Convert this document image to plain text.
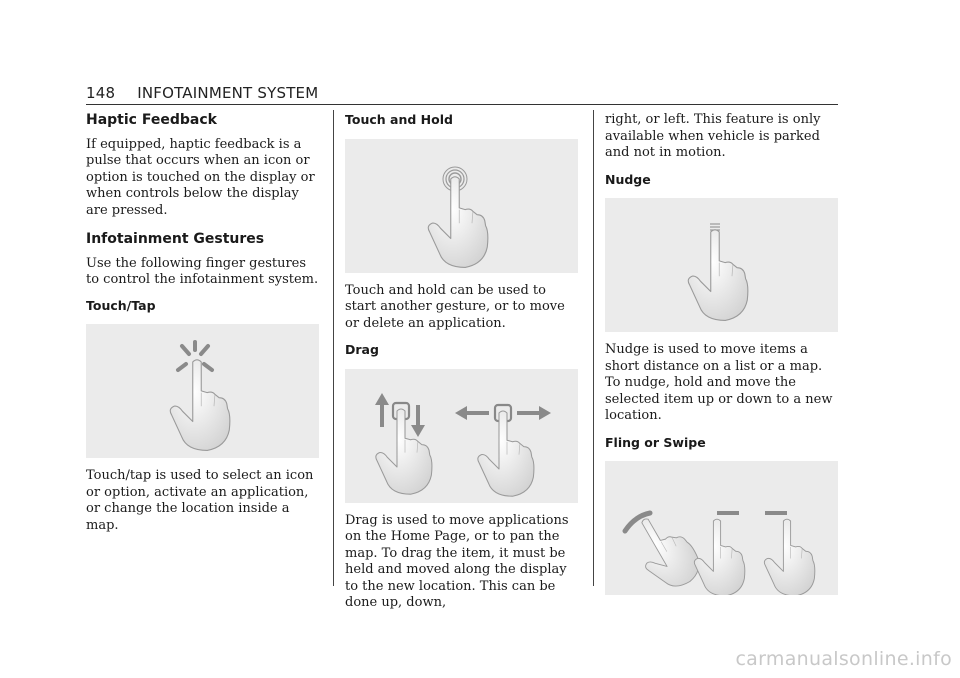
148 INFOTAINMENT SYSTEM
Haptic Feedback

If equipped, haptic feedback is a pulse that occurs when an icon or option is touched on the display or when controls below the display are pressed.

Infotainment Gestures

Use the following finger gestures to control the infotainment system.

Touch/Tap

Touch/tap is used to select an icon or option, activate an application, or change the location inside a map.

Touch and Hold

Touch and hold can be used to start another gesture, or to move or delete an application.

Drag

Drag is used to move applications on the Home Page, or to pan the map. To drag the item, it must be held and moved along the display to the new location. This can be done up, down,

right, or left. This feature is only available when vehicle is parked and not in motion.

Nudge

Nudge is used to move items a short distance on a list or a map. To nudge, hold and move the selected item up or down to a new location.

Fling or Swipe
carmanualsonline.info
